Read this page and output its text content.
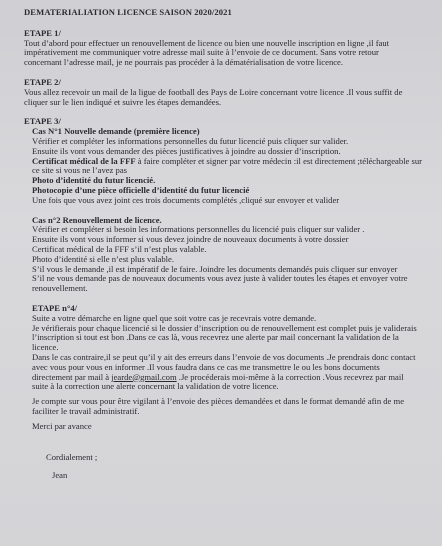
DEMATERIALIATION LICENCE SAISON 2020/2021

ETAPE 1/

Tout d’abord pour effectuer un renouvellement de licence ou bien une nouvelle inscription en ligne ,il faut

impérativement me communiquer votre adresse mail suite à l’envoie de ce document. Sans votre retour

concernant l’adresse mail, je ne pourrais pas procéder à la dématérialisation de votre licence.

ETAPE 2/

Vous allez recevoir un mail de la ligue de football des Pays de Loire concernant votre licence .Il vous suffit de

cliquer sur le lien indiqué et suivre les étapes demandées.

ETAPE 3/

Cas N°1 Nouvelle demande (première licence)

Vérifier et compléter les informations personnelles du futur licencié puis cliquer sur valider.

Ensuite ils vont vous demander des pièces justificatives à joindre au dossier d’inscription.

Certificat médical de la FFF à faire compléter et signer par votre médecin :il est directement ;téléchargeable sur

ce site si vous ne l’avez pas

Photo d’identité du futur licencié.

Photocopie d’une pièce officielle d’identité du futur licencié

Une fois que vous avez joint ces trois documents complétés ,cliqué sur envoyer et valider

Cas n°2 Renouvellement de licence.

Vérifier et compléter si besoin les informations personnelles du licencié puis cliquer sur valider .

Ensuite ils vont vous informer si vous devez joindre de nouveaux documents à votre dossier

Certificat médical de la FFF s’il n’est plus valable.

Photo d’identité si elle n’est plus valable.

S’il vous le demande ,il est impératif de le faire. Joindre les documents demandés puis cliquer sur envoyer

S’il ne vous demande pas de nouveaux documents vous avez juste à valider toutes les étapes et envoyer votre

renouvellement.

ETAPE n°4/

Suite a votre démarche en ligne quel que soit votre cas je recevrais votre demande.

Je vérifierais pour chaque licencié si le dossier d’inscription ou de renouvellement est complet puis je validerais

l’inscription si tout est bon .Dans ce cas là, vous recevrez une alerte par mail concernant la validation de la

licence.

Dans le cas contraire,il se peut qu’il y ait des erreurs dans l’envoie de vos documents .Je prendrais donc contact

avec vous pour vous en informer .Il vous faudra dans ce cas me transmettre le ou les bons documents

directement par mail à jearde@gmail.com .Je procéderais moi-même à la correction .Vous recevrez par mail

suite à la correction une alerte concernant la validation de votre licence.

Je compte sur vous pour être vigilant à l’envoie des pièces demandées et dans le format demandé afin de me

faciliter le travail administratif.

Merci par avance

Cordialement ;

Jean
